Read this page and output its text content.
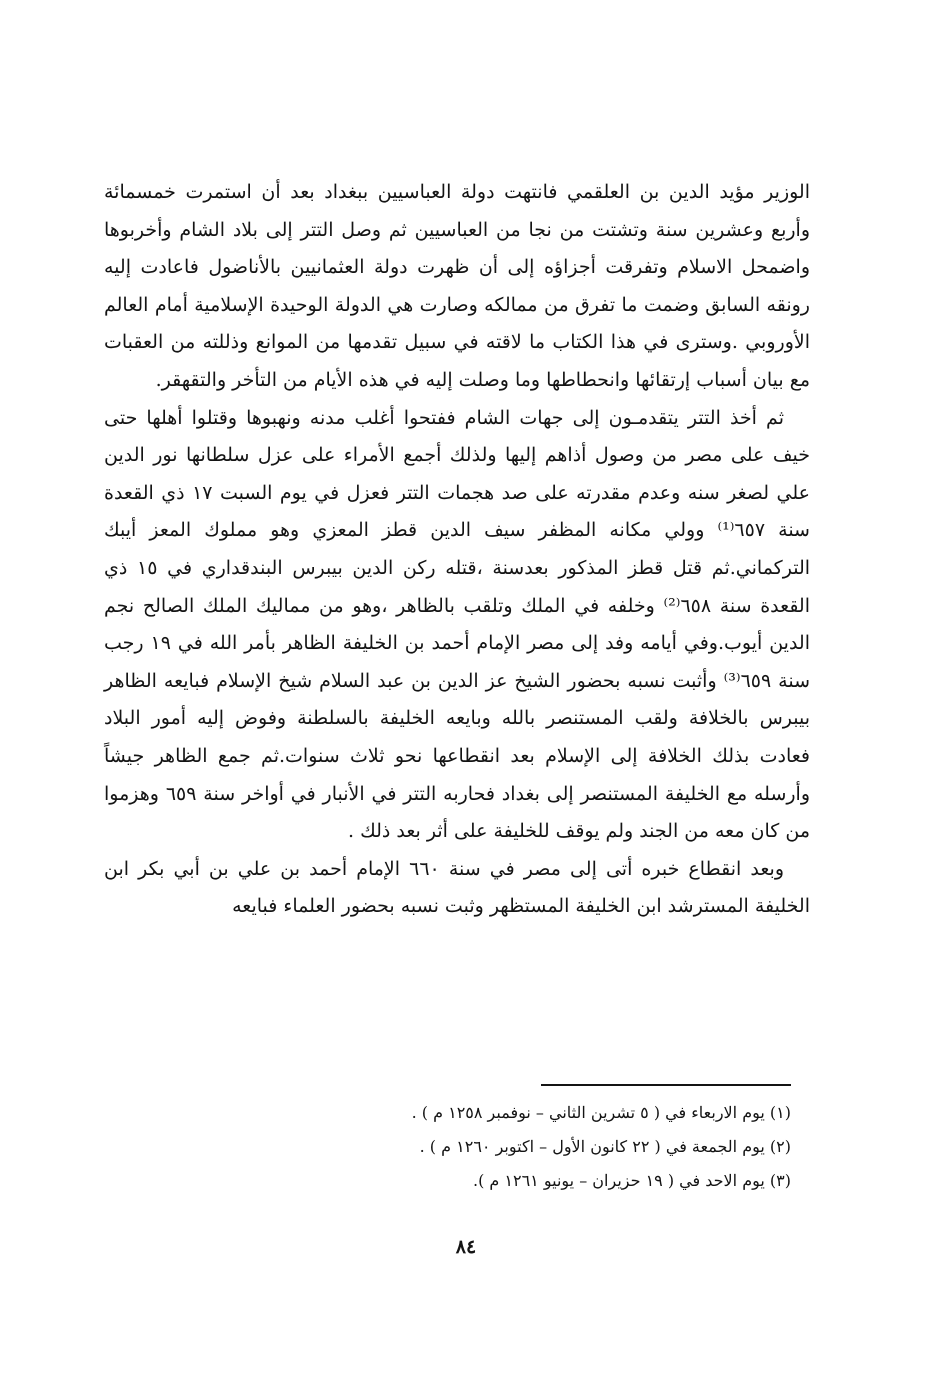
الوزير مؤيد الدين بن العلقمي فانتهت دولة العباسيين ببغداد بعد أن استمرت خمسمائة وأربع وعشرين سنة وتشتت من نجا من العباسيين ثم وصل التتر إلى بلاد الشام وأخربوها واضمحل الاسلام وتفرقت أجزاؤه إلى أن ظهرت دولة العثمانيين بالأناضول فاعادت إليه رونقه السابق وضمت ما تفرق من ممالكه وصارت هي الدولة الوحيدة الإسلامية أمام العالم الأوروبي .وسترى في هذا الكتاب ما لاقته في سبيل تقدمها من الموانع وذللته من العقبات مع بيان أسباب إرتقائها وانحطاطها وما وصلت إليه في هذه الأيام من التأخر والتقهقر.

ثم أخذ التتر يتقدمـون إلى جهات الشام ففتحوا أغلب مدنه ونهبوها وقتلوا أهلها حتى خيف على مصر من وصول أذاهم إليها ولذلك أجمع الأمراء على عزل سلطانها نور الدين علي لصغر سنه وعدم مقدرته على صد هجمات التتر فعزل في يوم السبت ١٧ ذي القعدة سنة ٦٥٧⁽¹⁾ وولي مكانه المظفر سيف الدين قطز المعزي وهو مملوك المعز أيبك التركماني.ثم قتل قطز المذكور بعدسنة ،قتله ركن الدين بيبرس البندقداري في ١٥ ذي القعدة سنة ٦٥٨⁽²⁾ وخلفه في الملك وتلقب بالظاهر ،وهو من مماليك الملك الصالح نجم الدين أيوب.وفي أيامه وفد إلى مصر الإمام أحمد بن الخليفة الظاهر بأمر الله في ١٩ رجب سنة ٦٥٩⁽³⁾ وأثبت نسبه بحضور الشيخ عز الدين بن عبد السلام شيخ الإسلام فبايعه الظاهر بيبرس بالخلافة ولقب المستنصر بالله وبايعه الخليفة بالسلطنة وفوض إليه أمور البلاد فعادت بذلك الخلافة إلى الإسلام بعد انقطاعها نحو ثلاث سنوات.ثم جمع الظاهر جيشاً وأرسله مع الخليفة المستنصر إلى بغداد فحاربه التتر في الأنبار في أواخر سنة ٦٥٩ وهزموا من كان معه من الجند ولم يوقف للخليفة على أثر بعد ذلك .

وبعد انقطاع خبره أتى إلى مصر في سنة ٦٦٠ الإمام أحمد بن علي بن أبي بكر ابن الخليفة المسترشد ابن الخليفة المستظهر وثبت نسبه بحضور العلماء فبايعه

(١) يوم الاربعاء في ( ٥ تشرين الثاني – نوفمبر ١٢٥٨ م ) .

(٢) يوم الجمعة في ( ٢٢ كانون الأول – اكتوبر ١٢٦٠ م ) .

(٣) يوم الاحد في ( ١٩ حزيران – يونيو ١٢٦١ م ).

٨٤
